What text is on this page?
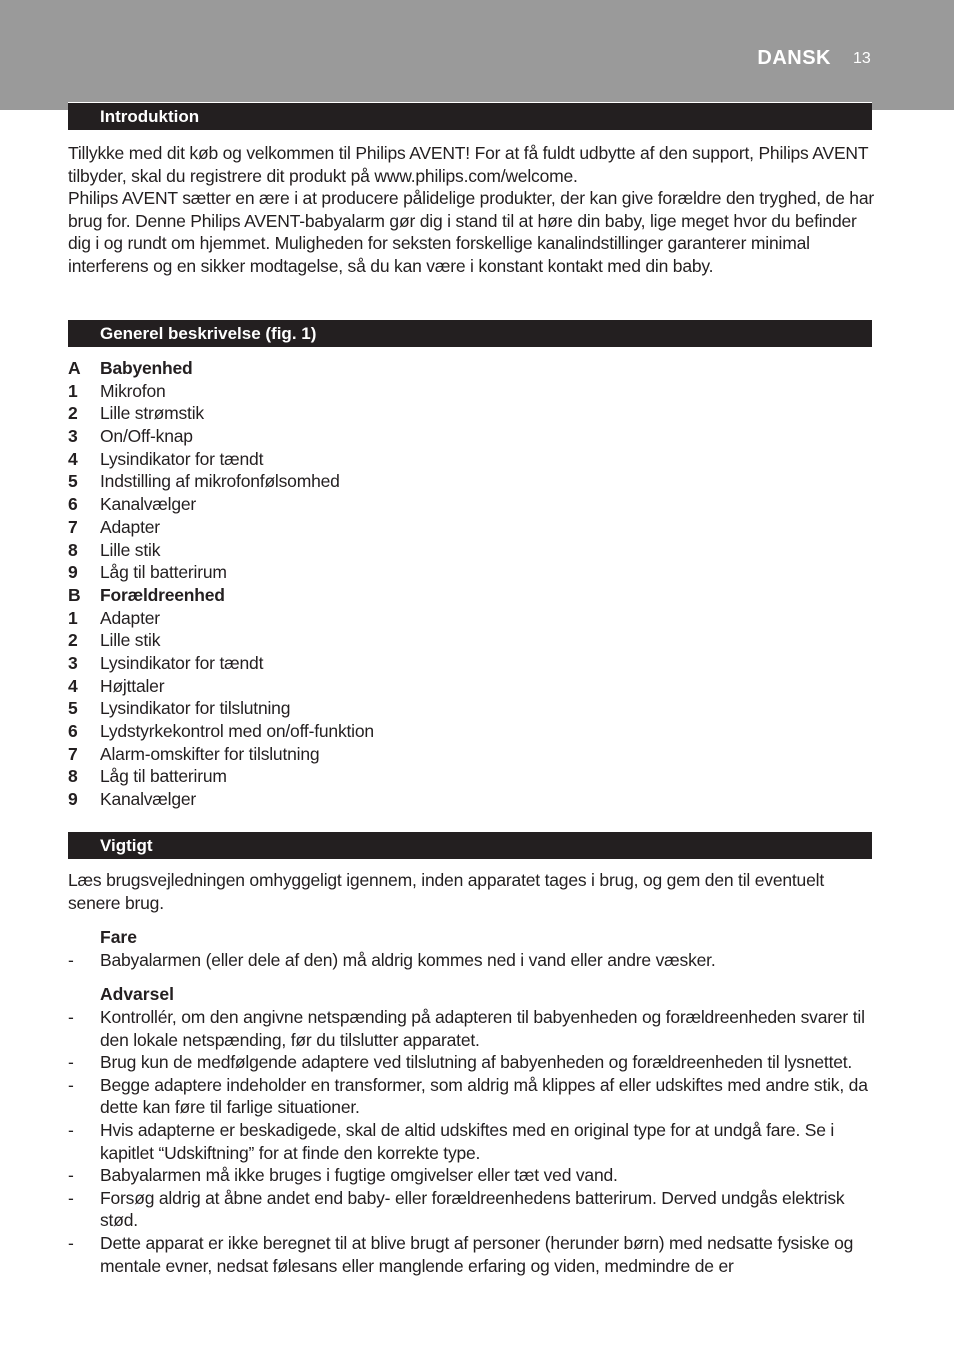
DANSK 13
Introduktion
Tillykke med dit køb og velkommen til Philips AVENT! For at få fuldt udbytte af den support, Philips AVENT tilbyder, skal du registrere dit produkt på www.philips.com/welcome.
Philips AVENT sætter en ære i at producere pålidelige produkter, der kan give forældre den tryghed, de har brug for. Denne Philips AVENT-babyalarm gør dig i stand til at høre din baby, lige meget hvor du befinder dig i og rundt om hjemmet. Muligheden for seksten forskellige kanalindstillinger garanterer minimal interferens og en sikker modtagelse, så du kan være i konstant kontakt med din baby.
Generel beskrivelse (fig. 1)
A Babyenhed
1 Mikrofon
2 Lille strømstik
3 On/Off-knap
4 Lysindikator for tændt
5 Indstilling af mikrofonfølsomhed
6 Kanalvælger
7 Adapter
8 Lille stik
9 Låg til batterirum
B Forældreenhed
1 Adapter
2 Lille stik
3 Lysindikator for tændt
4 Højttaler
5 Lysindikator for tilslutning
6 Lydstyrkekontrol med on/off-funktion
7 Alarm-omskifter for tilslutning
8 Låg til batterirum
9 Kanalvælger
Vigtigt
Læs brugsvejledningen omhyggeligt igennem, inden apparatet tages i brug, og gem den til eventuelt senere brug.
Fare
- Babyalarmen (eller dele af den) må aldrig kommes ned i vand eller andre væsker.
Advarsel
- Kontrollér, om den angivne netspænding på adapteren til babyenheden og forældreenheden svarer til den lokale netspænding, før du tilslutter apparatet.
- Brug kun de medfølgende adaptere ved tilslutning af babyenheden og forældreenheden til lysnettet.
- Begge adaptere indeholder en transformer, som aldrig må klippes af eller udskiftes med andre stik, da dette kan føre til farlige situationer.
- Hvis adapterne er beskadigede, skal de altid udskiftes med en original type for at undgå fare. Se i kapitlet “Udskiftning” for at finde den korrekte type.
- Babyalarmen må ikke bruges i fugtige omgivelser eller tæt ved vand.
- Forsøg aldrig at åbne andet end baby- eller forældreenhedens batterirum. Derved undgås elektrisk stød.
- Dette apparat er ikke beregnet til at blive brugt af personer (herunder børn) med nedsatte fysiske og mentale evner, nedsat følesans eller manglende erfaring og viden, medmindre de er
